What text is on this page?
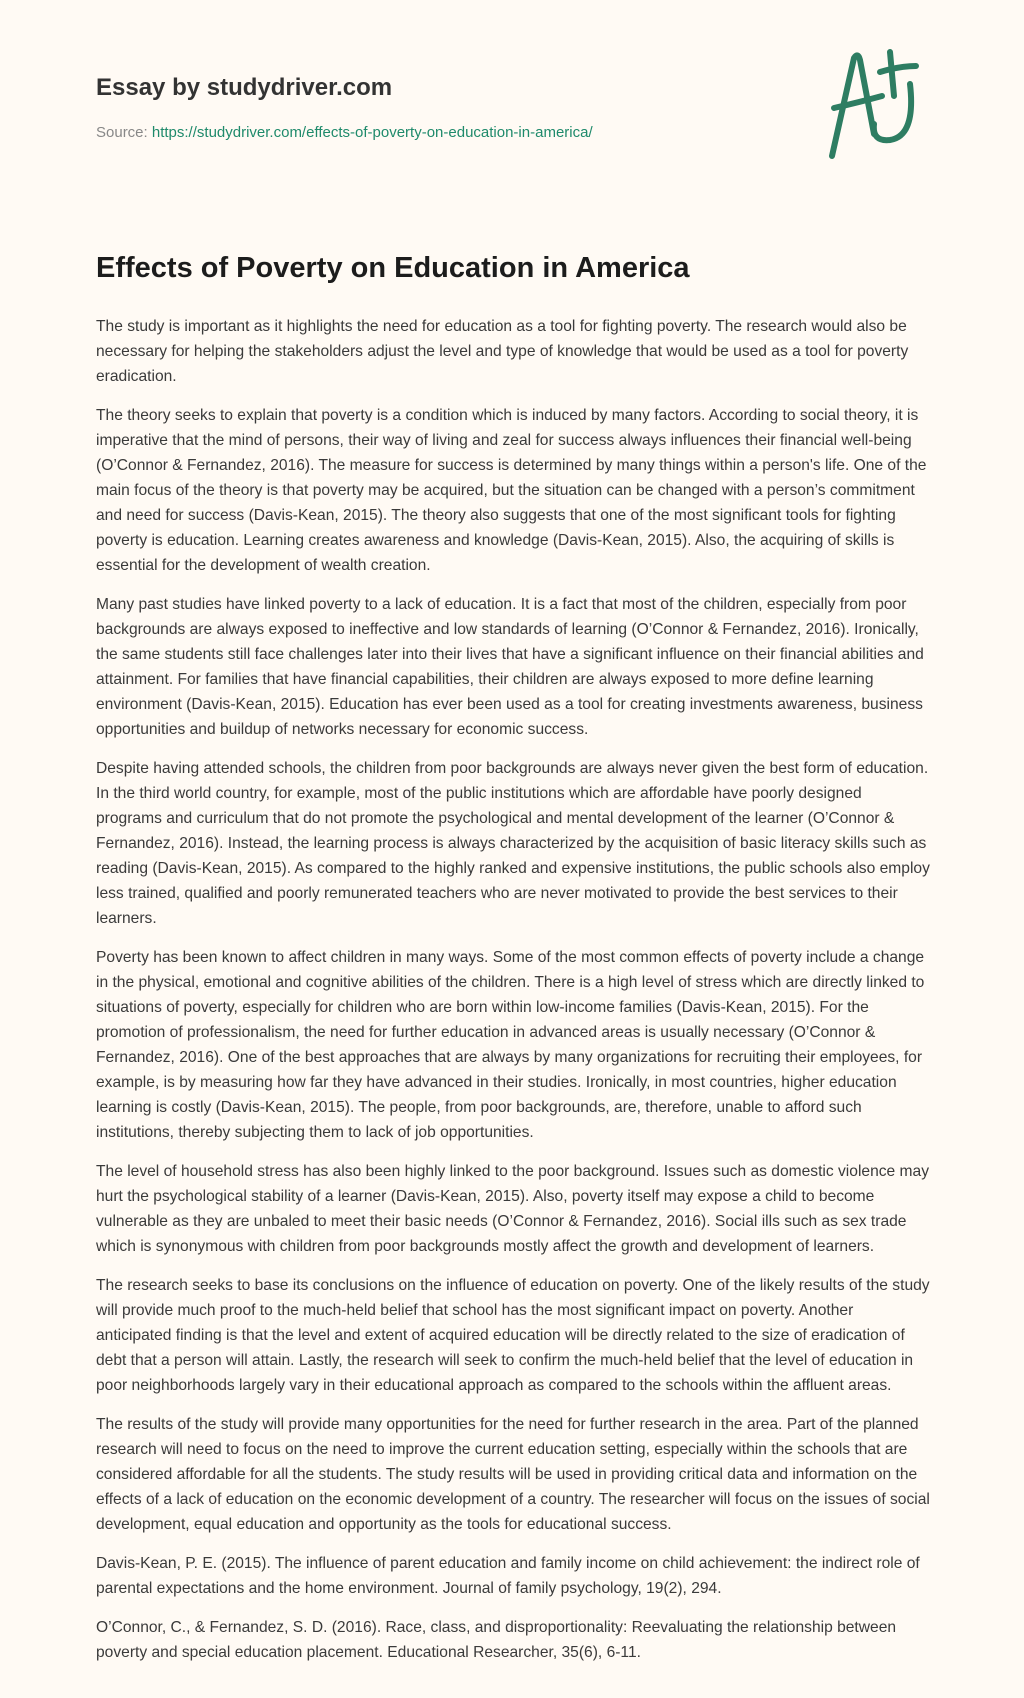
Essay by studydriver.com
Source: https://studydriver.com/effects-of-poverty-on-education-in-america/
Effects of Poverty on Education in America

The study is important as it highlights the need for education as a tool for fighting poverty. The research would also be necessary for helping the stakeholders adjust the level and type of knowledge that would be used as a tool for poverty eradication.

The theory seeks to explain that poverty is a condition which is induced by many factors. According to social theory, it is imperative that the mind of persons, their way of living and zeal for success always influences their financial well-being (O’Connor & Fernandez, 2016). The measure for success is determined by many things within a person's life. One of the main focus of the theory is that poverty may be acquired, but the situation can be changed with a person’s commitment and need for success (Davis-Kean, 2015). The theory also suggests that one of the most significant tools for fighting poverty is education. Learning creates awareness and knowledge (Davis-Kean, 2015). Also, the acquiring of skills is essential for the development of wealth creation.

Many past studies have linked poverty to a lack of education. It is a fact that most of the children, especially from poor backgrounds are always exposed to ineffective and low standards of learning (O’Connor & Fernandez, 2016). Ironically, the same students still face challenges later into their lives that have a significant influence on their financial abilities and attainment. For families that have financial capabilities, their children are always exposed to more define learning environment (Davis-Kean, 2015). Education has ever been used as a tool for creating investments awareness, business opportunities and buildup of networks necessary for economic success.

Despite having attended schools, the children from poor backgrounds are always never given the best form of education. In the third world country, for example, most of the public institutions which are affordable have poorly designed programs and curriculum that do not promote the psychological and mental development of the learner (O’Connor & Fernandez, 2016). Instead, the learning process is always characterized by the acquisition of basic literacy skills such as reading (Davis-Kean, 2015). As compared to the highly ranked and expensive institutions, the public schools also employ less trained, qualified and poorly remunerated teachers who are never motivated to provide the best services to their learners.

Poverty has been known to affect children in many ways. Some of the most common effects of poverty include a change in the physical, emotional and cognitive abilities of the children. There is a high level of stress which are directly linked to situations of poverty, especially for children who are born within low-income families (Davis-Kean, 2015). For the promotion of professionalism, the need for further education in advanced areas is usually necessary (O’Connor & Fernandez, 2016). One of the best approaches that are always by many organizations for recruiting their employees, for example, is by measuring how far they have advanced in their studies. Ironically, in most countries, higher education learning is costly (Davis-Kean, 2015). The people, from poor backgrounds, are, therefore, unable to afford such institutions, thereby subjecting them to lack of job opportunities.

The level of household stress has also been highly linked to the poor background. Issues such as domestic violence may hurt the psychological stability of a learner (Davis-Kean, 2015). Also, poverty itself may expose a child to become vulnerable as they are unbaled to meet their basic needs (O’Connor & Fernandez, 2016). Social ills such as sex trade which is synonymous with children from poor backgrounds mostly affect the growth and development of learners.

The research seeks to base its conclusions on the influence of education on poverty. One of the likely results of the study will provide much proof to the much-held belief that school has the most significant impact on poverty. Another anticipated finding is that the level and extent of acquired education will be directly related to the size of eradication of debt that a person will attain. Lastly, the research will seek to confirm the much-held belief that the level of education in poor neighborhoods largely vary in their educational approach as compared to the schools within the affluent areas.

The results of the study will provide many opportunities for the need for further research in the area. Part of the planned research will need to focus on the need to improve the current education setting, especially within the schools that are considered affordable for all the students. The study results will be used in providing critical data and information on the effects of a lack of education on the economic development of a country. The researcher will focus on the issues of social development, equal education and opportunity as the tools for educational success.

Davis-Kean, P. E. (2015). The influence of parent education and family income on child achievement: the indirect role of parental expectations and the home environment. Journal of family psychology, 19(2), 294.

O’Connor, C., & Fernandez, S. D. (2016). Race, class, and disproportionality: Reevaluating the relationship between poverty and special education placement. Educational Researcher, 35(6), 6-11.
